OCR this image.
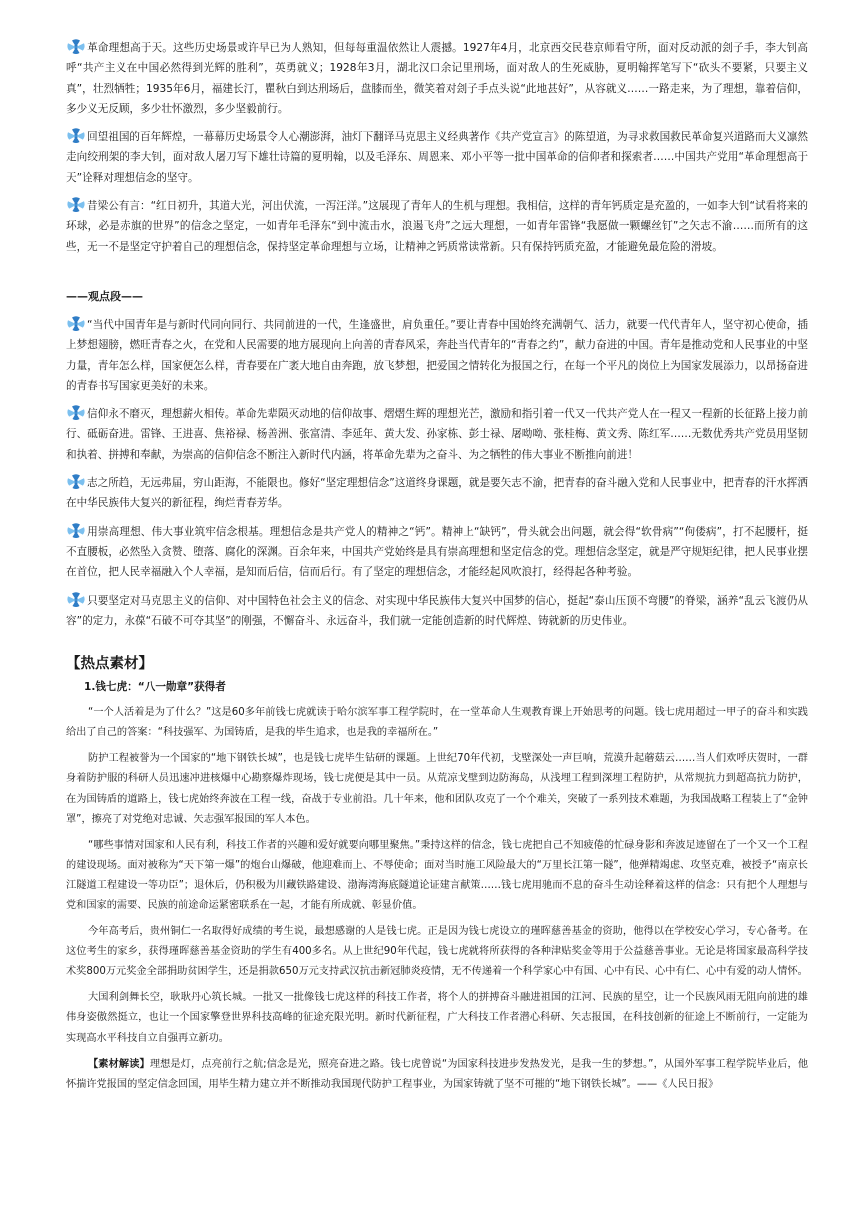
革命理想高于天。这些历史场景或许早已为人熟知，但每每重温依然让人震撼。1927年4月，北京西交民巷京师看守所，面对反动派的刽子手，李大钊高呼“共产主义在中国必然得到光辉的胜利”，英勇就义；1928年3月，湖北汉口余记里刑场，面对敌人的生死威胁，夏明翰挥笔写下“砍头不要紧，只要主义真”，壮烈牺牲；1935年6月，福建长汀，瞿秋白到达刑场后，盘膝而坐，微笑着对刽子手点头说“此地甚好”，从容就义……一路走来，为了理想，靠着信仰，多少义无反顾，多少壮怀激烈，多少坚毅前行。

回望祖国的百年辉煌，一幕幕历史场景令人心潮澎湃，油灯下翻译马克思主义经典著作《共产党宣言》的陈望道，为寻求救国救民革命复兴道路而大义凛然走向绞刑架的李大钊，面对敌人屠刀写下雄壮诗篇的夏明翰，以及毛泽东、周恩来、邓小平等一批中国革命的信仰者和探索者……中国共产党用“革命理想高于天”诠释对理想信念的坚守。

昔梁公有言：“红日初升，其道大光，河出伏流，一泻汪洋。”这展现了青年人的生机与理想。我相信，这样的青年钙质定是充盈的，一如李大钊“试看将来的环球，必是赤旗的世界”的信念之坚定，一如青年毛泽东“到中流击水，浪遏飞舟”之远大理想，一如青年雷锋“我愿做一颗螺丝钉”之矢志不渝……而所有的这些，无一不是坚定守护着自己的理想信念，保持坚定革命理想与立场，让精神之钙质常读常新。只有保持钙质充盈，才能避免最危险的滑坡。

——观点段——

“当代中国青年是与新时代同向同行、共同前进的一代，生逢盛世，肩负重任。”要让青春中国始终充满朝气、活力，就要一代代青年人，坚守初心使命，插上梦想翅膀，燃旺青春之火，在党和人民需要的地方展现向上向善的青春风采，奔赴当代青年的“青春之约”，献力奋进的中国。青年是推动党和人民事业的中坚力量，青年怎么样，国家便怎么样，青春要在广袤大地自由奔跑，放飞梦想，把爱国之情转化为报国之行，在每一个平凡的岗位上为国家发展添力，以昂扬奋进的青春书写国家更美好的未来。

信仰永不磨灭，理想薪火相传。革命先辈陨灭动地的信仰故事、熠熠生辉的理想光芒，激励和指引着一代又一代共产党人在一程又一程新的长征路上接力前行、砥砺奋进。雷锋、王进喜、焦裕禄、杨善洲、张富清、李延年、黄大发、孙家栋、彭士禄、屠呦呦、张桂梅、黄文秀、陈红军……无数优秀共产党员用坚韧和执着、拼搏和奉献，为崇高的信仰信念不断注入新时代内涵，将革命先辈为之奋斗、为之牺牲的伟大事业不断推向前进！

志之所趋，无远弗届，穷山距海，不能限也。修好“坚定理想信念”这道终身课题，就是要矢志不渝，把青春的奋斗融入党和人民事业中，把青春的汗水挥洒在中华民族伟大复兴的新征程，绚烂青春芳华。

用崇高理想、伟大事业筑牢信念根基。理想信念是共产党人的精神之“钙”。精神上“缺钙”，骨头就会出问题，就会得“软骨病”“佝偻病”，打不起腰杆，挺不直腰板，必然坠入贪赞、堕落、腐化的深渊。百余年来，中国共产党始终是具有崇高理想和坚定信念的党。理想信念坚定，就是严守规矩纪律，把人民事业摆在首位，把人民幸福融入个人幸福，是知而后信，信而后行。有了坚定的理想信念，才能经起风吹浪打，经得起各种考验。

只要坚定对马克思主义的信仰、对中国特色社会主义的信念、对实现中华民族伟大复兴中国梦的信心，挺起“泰山压顶不弯腰”的脊梁，涵养“乱云飞渡仍从容”的定力，永葆“石破不可夺其坚”的刚强，不懈奋斗、永远奋斗，我们就一定能创造新的时代辉煌、铸就新的历史伟业。

【热点素材】
1.钱七虎：“八一勋章”获得者

“一个人活着是为了什么？”这是60多年前钱七虎就读于哈尔滨军事工程学院时，在一堂革命人生观教育课上开始思考的问题。钱七虎用超过一甲子的奋斗和实践给出了自己的答案：“科技强军、为国铸盾，是我的毕生追求，也是我的幸福所在。”

防护工程被誉为一个国家的“地下钢铁长城”，也是钱七虎毕生钻研的课题。上世纪70年代初，戈壁深处一声巨响，荒漠升起蘑菇云……当人们欢呼庆贺时，一群身着防护服的科研人员迅速冲进核爆中心勘察爆炸现场，钱七虎便是其中一员。从荒凉戈壁到边防海岛，从浅埋工程到深埋工程防护，从常规抗力到超高抗力防护，在为国铸盾的道路上，钱七虎始终奔波在工程一线，奋战于专业前沿。几十年来，他和团队攻克了一个个难关，突破了一系列技术难题，为我国战略工程装上了“金钟罩”，擦亮了对党绝对忠诚、矢志强军报国的军人本色。

“哪些事情对国家和人民有利，科技工作者的兴趣和爱好就要向哪里聚焦。”秉持这样的信念，钱七虎把自己不知疲倦的忙碌身影和奔波足迹留在了一个又一个工程的建设现场。面对被称为“天下第一爆”的炮台山爆破，他迎难而上、不辱使命；面对当时施工风险最大的“万里长江第一隧”，他弹精竭虑、攻坚克难，被授予“南京长江隧道工程建设一等功臣”；退休后，仍积极为川藏铁路建设、渤海湾海底隧道论证建言献策……钱七虎用驰而不息的奋斗生动诠释着这样的信念：只有把个人理想与党和国家的需要、民族的前途命运紧密联系在一起，才能有所成就、彰显价值。

今年高考后，贵州铜仁一名取得好成绩的考生说，最想感谢的人是钱七虎。正是因为钱七虎设立的瑾晖慈善基金的资助，他得以在学校安心学习，专心备考。在这位考生的家乡，获得瑾晖慈善基金资助的学生有400多名。从上世纪90年代起，钱七虎就将所获得的各种津贴奖金等用于公益慈善事业。无论是将国家最高科学技术奖800万元奖金全部捐助贫困学生，还是捐款650万元支持武汉抗击新冠肺炎疫情，无不传递着一个科学家心中有国、心中有民、心中有仁、心中有爱的动人情怀。

大国利剑舞长空，耿耿丹心筑长城。一批又一批像钱七虎这样的科技工作者，将个人的拼搏奋斗融进祖国的江河、民族的星空，让一个民族风雨无阻向前进的雄伟身姿傲然挺立，也让一个国家擎登世界科技高峰的征途充限光明。新时代新征程，广大科技工作者潜心科研、矢志报国，在科技创新的征途上不断前行，一定能为实现高水平科技自立自强再立新功。

【素材解读】理想是灯，点亮前行之航;信念是光，照亮奋进之路。钱七虎曾说“为国家科技进步发热发光，是我一生的梦想。”，从国外军事工程学院毕业后，他怀揣许党报国的坚定信念回国，用毕生精力建立并不断推动我国现代防护工程事业，为国家铸就了坚不可摧的“地下钢铁长城”。——《人民日报》
